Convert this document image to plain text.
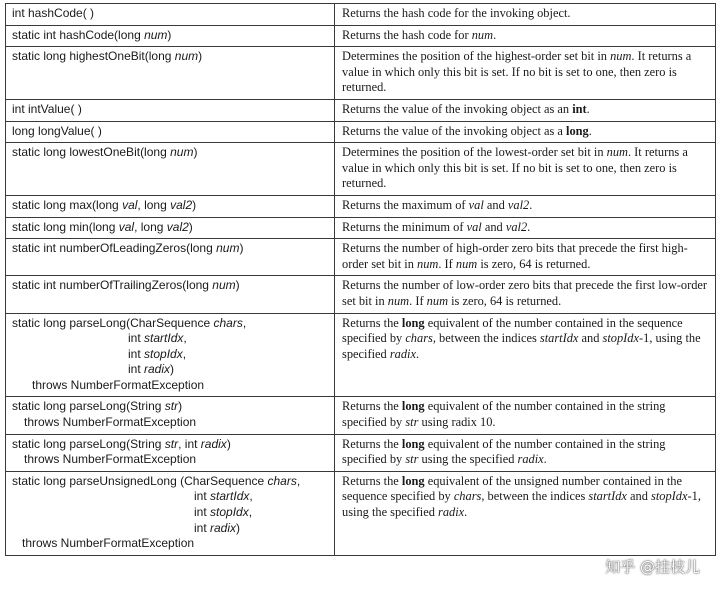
int hashCode( )	Returns the hash code for the invoking object.
static int hashCode(long num)	Returns the hash code for num.
static long highestOneBit(long num)	Determines the position of the highest-order set bit in num. It returns a value in which only this bit is set. If no bit is set to one, then zero is returned.
int intValue( )	Returns the value of the invoking object as an int.
long longValue( )	Returns the value of the invoking object as a long.
static long lowestOneBit(long num)	Determines the position of the lowest-order set bit in num. It returns a value in which only this bit is set. If no bit is set to one, then zero is returned.
static long max(long val, long val2)	Returns the maximum of val and val2.
static long min(long val, long val2)	Returns the minimum of val and val2.
static int numberOfLeadingZeros(long num)	Returns the number of high-order zero bits that precede the first high-order set bit in num. If num is zero, 64 is returned.
static int numberOfTrailingZeros(long num)	Returns the number of low-order zero bits that precede the first low-order set bit in num. If num is zero, 64 is returned.

static long parseLong(CharSequence chars,
int startIdx,
int stopIdx,
int radix)
throws NumberFormatException	Returns the long equivalent of the number contained in the sequence specified by chars, between the indices startIdx and stopIdx-1, using the specified radix.

static long parseLong(String str)
throws NumberFormatException	Returns the long equivalent of the number contained in the string specified by str using radix 10.

static long parseLong(String str, int radix)
throws NumberFormatException	Returns the long equivalent of the number contained in the string specified by str using the specified radix.

static long parseUnsignedLong (CharSequence chars,
int startIdx,
int stopIdx,
int radix)
throws NumberFormatException	Returns the long equivalent of the unsigned number contained in the sequence specified by chars, between the indices startIdx and stopIdx-1, using the specified radix.
知乎 @挂枝儿
